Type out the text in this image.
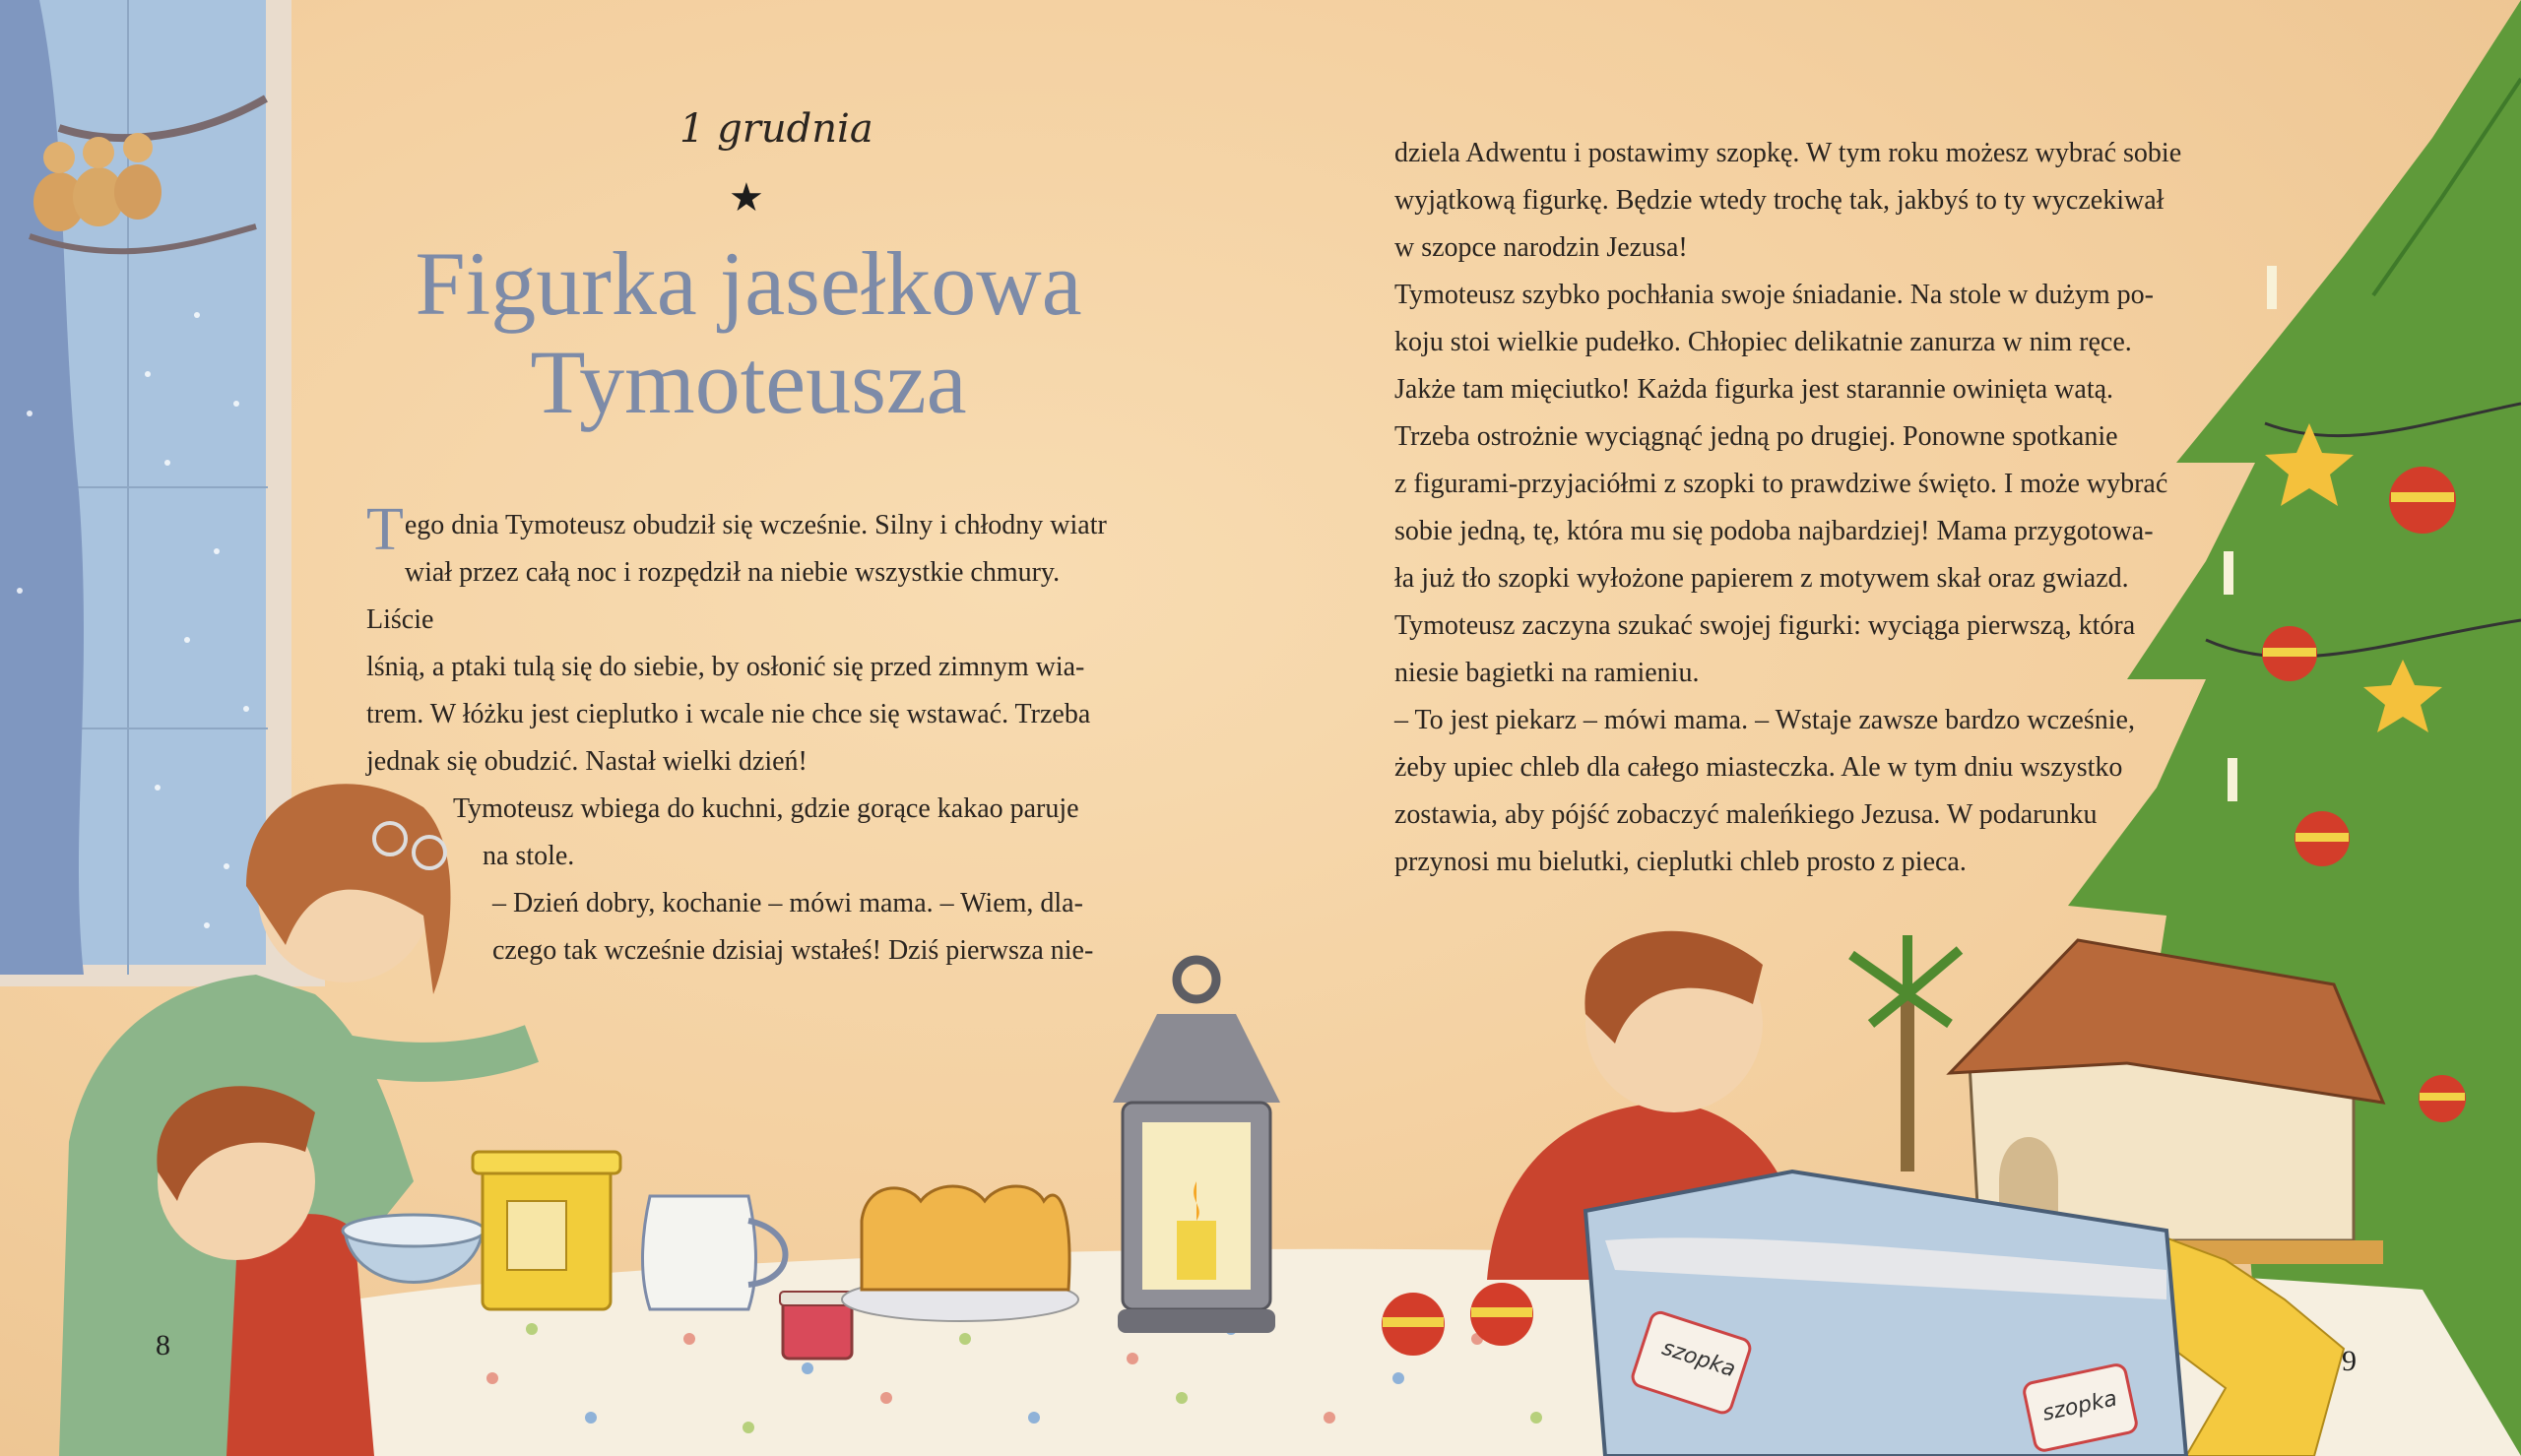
1 grudnia
★
Figurka jasełkowa
Tymoteusza

Tego dnia Tymoteusz obudził się wcześnie. Silny i chłodny wiatr

wiał przez całą noc i rozpędził na niebie wszystkie chmury. Liście

lśnią, a ptaki tulą się do siebie, by osłonić się przed zimnym wia-

trem. W łóżku jest cieplutko i wcale nie chce się wstawać. Trzeba

jednak się obudzić. Nastał wielki dzień!

Tymoteusz wbiega do kuchni, gdzie gorące kakao paruje

na stole.

– Dzień dobry, kochanie – mówi mama. – Wiem, dla-

czego tak wcześnie dzisiaj wstałeś! Dziś pierwsza nie-

dziela Adwentu i postawimy szopkę. W tym roku możesz wybrać sobie

wyjątkową figurkę. Będzie wtedy trochę tak, jakbyś to ty wyczekiwał

w szopce narodzin Jezusa!

Tymoteusz szybko pochłania swoje śniadanie. Na stole w dużym po-

koju stoi wielkie pudełko. Chłopiec delikatnie zanurza w nim ręce.

Jakże tam mięciutko! Każda figurka jest starannie owinięta watą.

Trzeba ostrożnie wyciągnąć jedną po drugiej. Ponowne spotkanie

z figurami-przyjaciółmi z szopki to prawdziwe święto. I może wybrać

sobie jedną, tę, która mu się podoba najbardziej! Mama przygotowa-

ła już tło szopki wyłożone papierem z motywem skał oraz gwiazd.

Tymoteusz zaczyna szukać swojej figurki: wyciąga pierwszą, która

niesie bagietki na ramieniu.

– To jest piekarz – mówi mama. – Wstaje zawsze bardzo wcześnie,

żeby upiec chleb dla całego miasteczka. Ale w tym dniu wszystko

zostawia, aby pójść zobaczyć maleńkiego Jezusa. W podarunku

przynosi mu bielutki, cieplutki chleb prosto z pieca.

szopka
szopka
8	9
